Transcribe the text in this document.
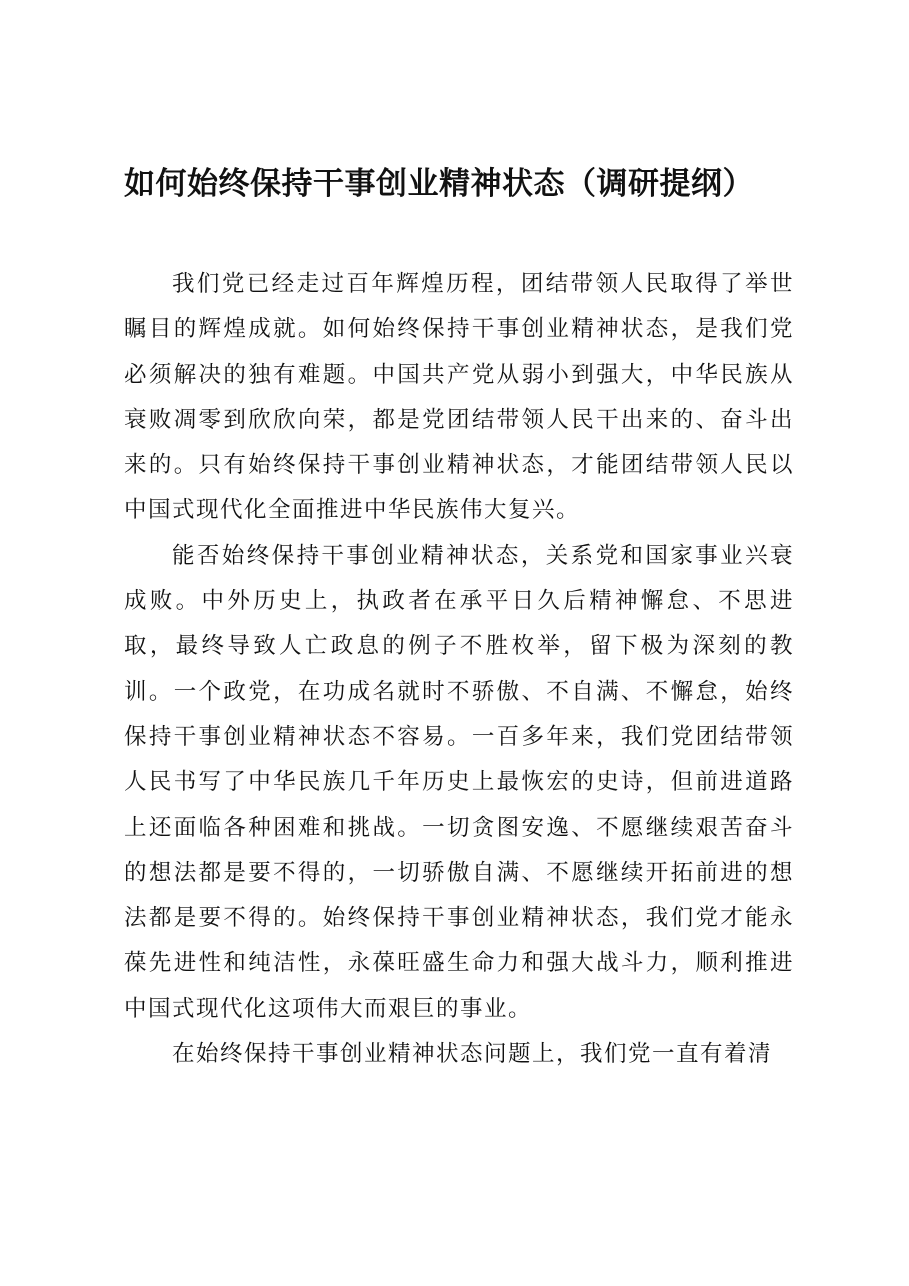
如何始终保持干事创业精神状态（调研提纲）

我们党已经走过百年辉煌历程，团结带领人民取得了举世瞩目的辉煌成就。如何始终保持干事创业精神状态，是我们党必须解决的独有难题。中国共产党从弱小到强大，中华民族从衰败凋零到欣欣向荣，都是党团结带领人民干出来的、奋斗出来的。只有始终保持干事创业精神状态，才能团结带领人民以中国式现代化全面推进中华民族伟大复兴。

能否始终保持干事创业精神状态，关系党和国家事业兴衰成败。中外历史上，执政者在承平日久后精神懈怠、不思进取，最终导致人亡政息的例子不胜枚举，留下极为深刻的教训。一个政党，在功成名就时不骄傲、不自满、不懈怠，始终保持干事创业精神状态不容易。一百多年来，我们党团结带领人民书写了中华民族几千年历史上最恢宏的史诗，但前进道路上还面临各种困难和挑战。一切贪图安逸、不愿继续艰苦奋斗的想法都是要不得的，一切骄傲自满、不愿继续开拓前进的想法都是要不得的。始终保持干事创业精神状态，我们党才能永葆先进性和纯洁性，永葆旺盛生命力和强大战斗力，顺利推进中国式现代化这项伟大而艰巨的事业。

在始终保持干事创业精神状态问题上，我们党一直有着清
